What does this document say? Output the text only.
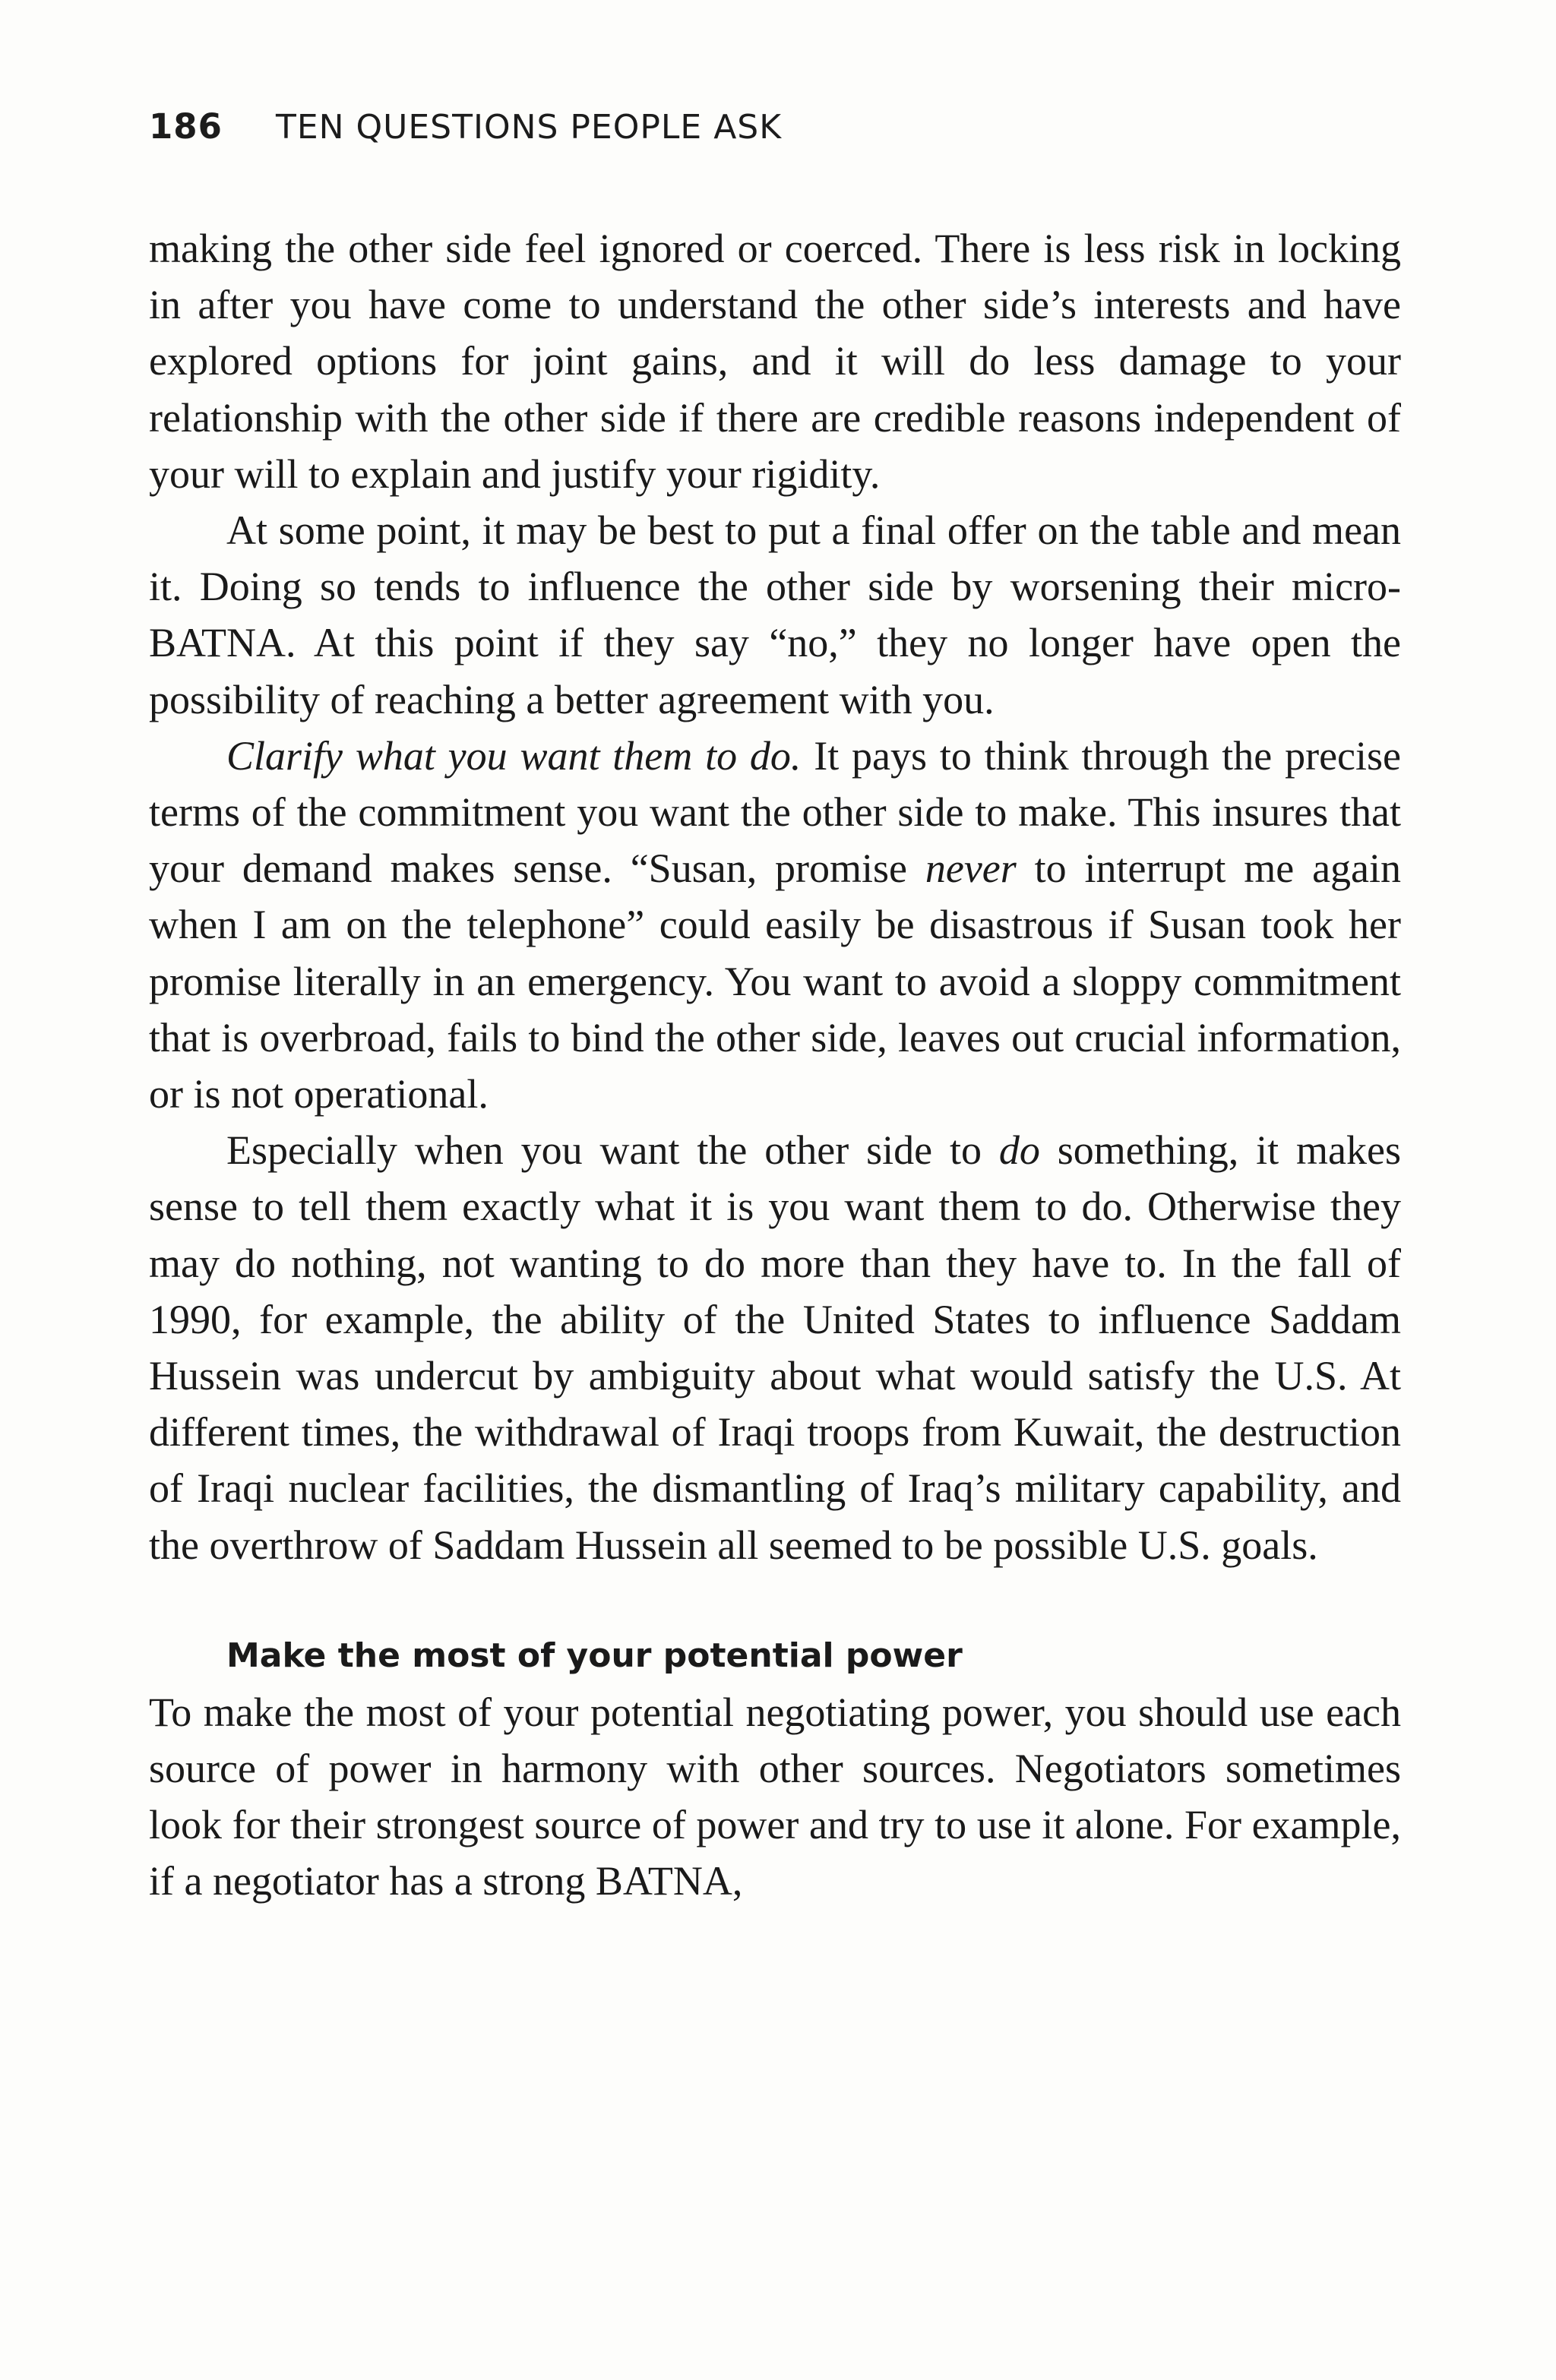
186 TEN QUESTIONS PEOPLE ASK

making the other side feel ignored or coerced. There is less risk in locking in after you have come to understand the other side’s interests and have explored options for joint gains, and it will do less damage to your relationship with the other side if there are credible reasons independent of your will to explain and justify your rigidity.

At some point, it may be best to put a final offer on the table and mean it. Doing so tends to influence the other side by worsening their micro-BATNA. At this point if they say “no,” they no longer have open the possibility of reaching a better agreement with you.

Clarify what you want them to do. It pays to think through the precise terms of the commitment you want the other side to make. This insures that your demand makes sense. “Susan, promise never to interrupt me again when I am on the telephone” could easily be disastrous if Susan took her promise literally in an emergency. You want to avoid a sloppy commitment that is overbroad, fails to bind the other side, leaves out crucial information, or is not operational.

Especially when you want the other side to do something, it makes sense to tell them exactly what it is you want them to do. Otherwise they may do nothing, not wanting to do more than they have to. In the fall of 1990, for example, the ability of the United States to influence Saddam Hussein was undercut by ambiguity about what would satisfy the U.S. At different times, the withdrawal of Iraqi troops from Kuwait, the destruction of Iraqi nuclear facilities, the dismantling of Iraq’s military capability, and the overthrow of Saddam Hussein all seemed to be possible U.S. goals.

Make the most of your potential power

To make the most of your potential negotiating power, you should use each source of power in harmony with other sources. Negotiators sometimes look for their strongest source of power and try to use it alone. For example, if a negotiator has a strong BATNA,
